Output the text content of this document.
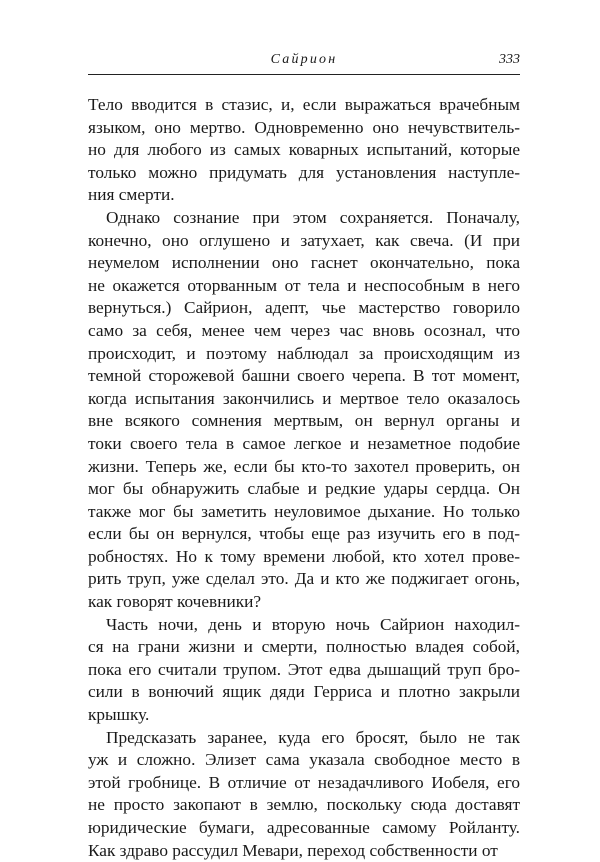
Сайрион	333
Тело вводится в стазис, и, если выражаться врачебным
языком, оно мертво. Одновременно оно нечувствитель-
но для любого из самых коварных испытаний, которые
только можно придумать для установления наступле-
ния смерти.
Однако сознание при этом сохраняется. Поначалу,
конечно, оно оглушено и затухает, как свеча. (И при
неумелом исполнении оно гаснет окончательно, пока
не окажется оторванным от тела и неспособным в него
вернуться.) Сайрион, адепт, чье мастерство говорило
само за себя, менее чем через час вновь осознал, что
происходит, и поэтому наблюдал за происходящим из
темной сторожевой башни своего черепа. В тот момент,
когда испытания закончились и мертвое тело оказалось
вне всякого сомнения мертвым, он вернул органы и
токи своего тела в самое легкое и незаметное подобие
жизни. Теперь же, если бы кто-то захотел проверить, он
мог бы обнаружить слабые и редкие удары сердца. Он
также мог бы заметить неуловимое дыхание. Но только
если бы он вернулся, чтобы еще раз изучить его в под-
робностях. Но к тому времени любой, кто хотел прове-
рить труп, уже сделал это. Да и кто же поджигает огонь,
как говорят кочевники?
Часть ночи, день и вторую ночь Сайрион находил-
ся на грани жизни и смерти, полностью владея собой,
пока его считали трупом. Этот едва дышащий труп бро-
сили в вонючий ящик дяди Герриса и плотно закрыли
крышку.
Предсказать заранее, куда его бросят, было не так
уж и сложно. Элизет сама указала свободное место в
этой гробнице. В отличие от незадачливого Иобеля, его
не просто закопают в землю, поскольку сюда доставят
юридические бумаги, адресованные самому Ройланту.
Как здраво рассудил Мевари, переход собственности от
